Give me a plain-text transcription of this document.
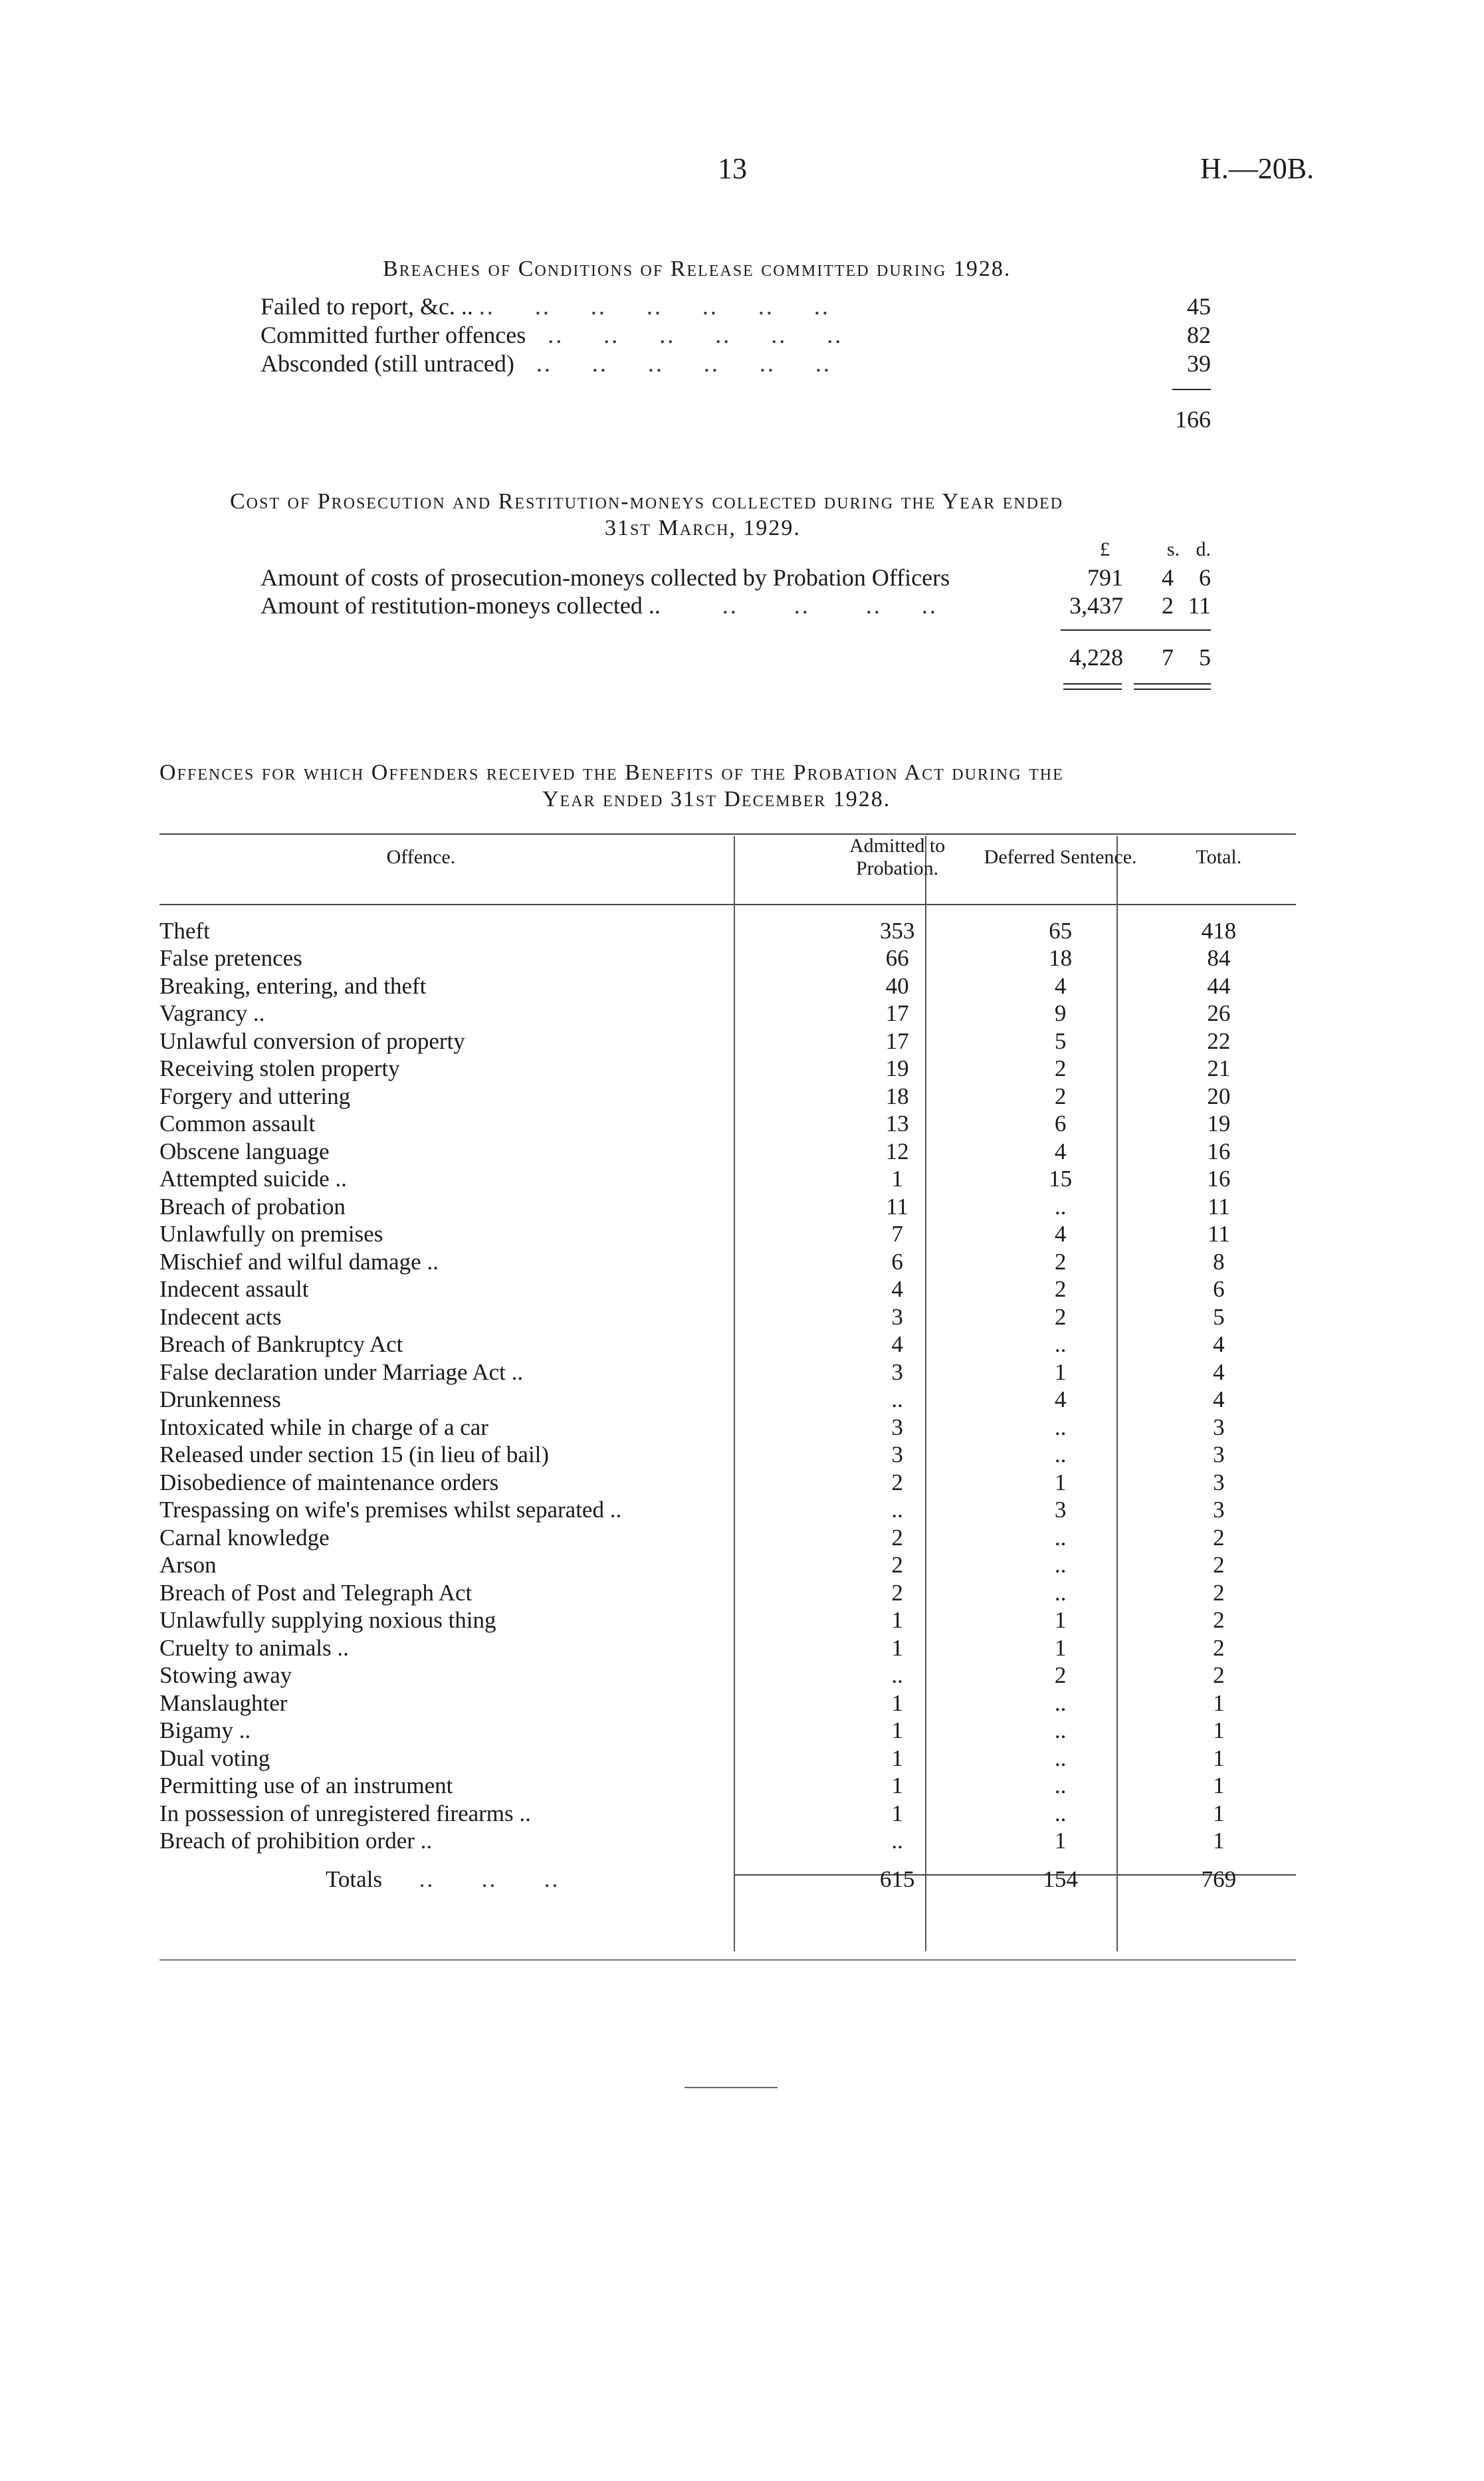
13	H.—20B.
Breaches of Conditions of Release committed during 1928.
Failed to report, &c. .. ..     ..     ..     ..     ..     ..     ..	45
Committed further offences   ..     ..     ..     ..     ..     ..	82
Absconded (still untraced)   ..     ..     ..     ..     ..     ..	39
166
Cost of Prosecution and Restitution-moneys collected during the Year ended
31st March, 1929.
£	s. d.
Amount of costs of prosecution-moneys collected by Probation Officers	791	4	6
Amount of restitution-moneys collected ..        ..       ..       ..     ..	3,437	2 11
4,228	7	5
Offences for which Offenders received the Benefits of the Probation Act during the
Year ended 31st December 1928.
Offence.	Admitted to Probation.	Deferred Sentence.	Total.

Theft	353	65	418
False pretences	66	18	84
Breaking, entering, and theft	40	4	44
Vagrancy ..	17	9	26
Unlawful conversion of property	17	5	22
Receiving stolen property	19	2	21
Forgery and uttering	18	2	20
Common assault	13	6	19
Obscene language	12	4	16
Attempted suicide ..	1	15	16
Breach of probation	11	..	11
Unlawfully on premises	7	4	11
Mischief and wilful damage ..	6	2	8
Indecent assault	4	2	6
Indecent acts	3	2	5
Breach of Bankruptcy Act	4	..	4
False declaration under Marriage Act ..	3	1	4
Drunkenness	..	4	4
Intoxicated while in charge of a car	3	..	3
Released under section 15 (in lieu of bail)	3	..	3
Disobedience of maintenance orders	2	1	3
Trespassing on wife's premises whilst separated ..	..	3	3
Carnal knowledge	2	..	2
Arson	2	..	2
Breach of Post and Telegraph Act	2	..	2
Unlawfully supplying noxious thing	1	1	2
Cruelty to animals ..	1	1	2
Stowing away	..	2	2
Manslaughter	1	..	1
Bigamy ..	1	..	1
Dual voting	1	..	1
Permitting use of an instrument	1	..	1
In possession of unregistered firearms ..	1	..	1
Breach of prohibition order ..	..	1	1

Totals     ..      ..      ..	615	154	769
